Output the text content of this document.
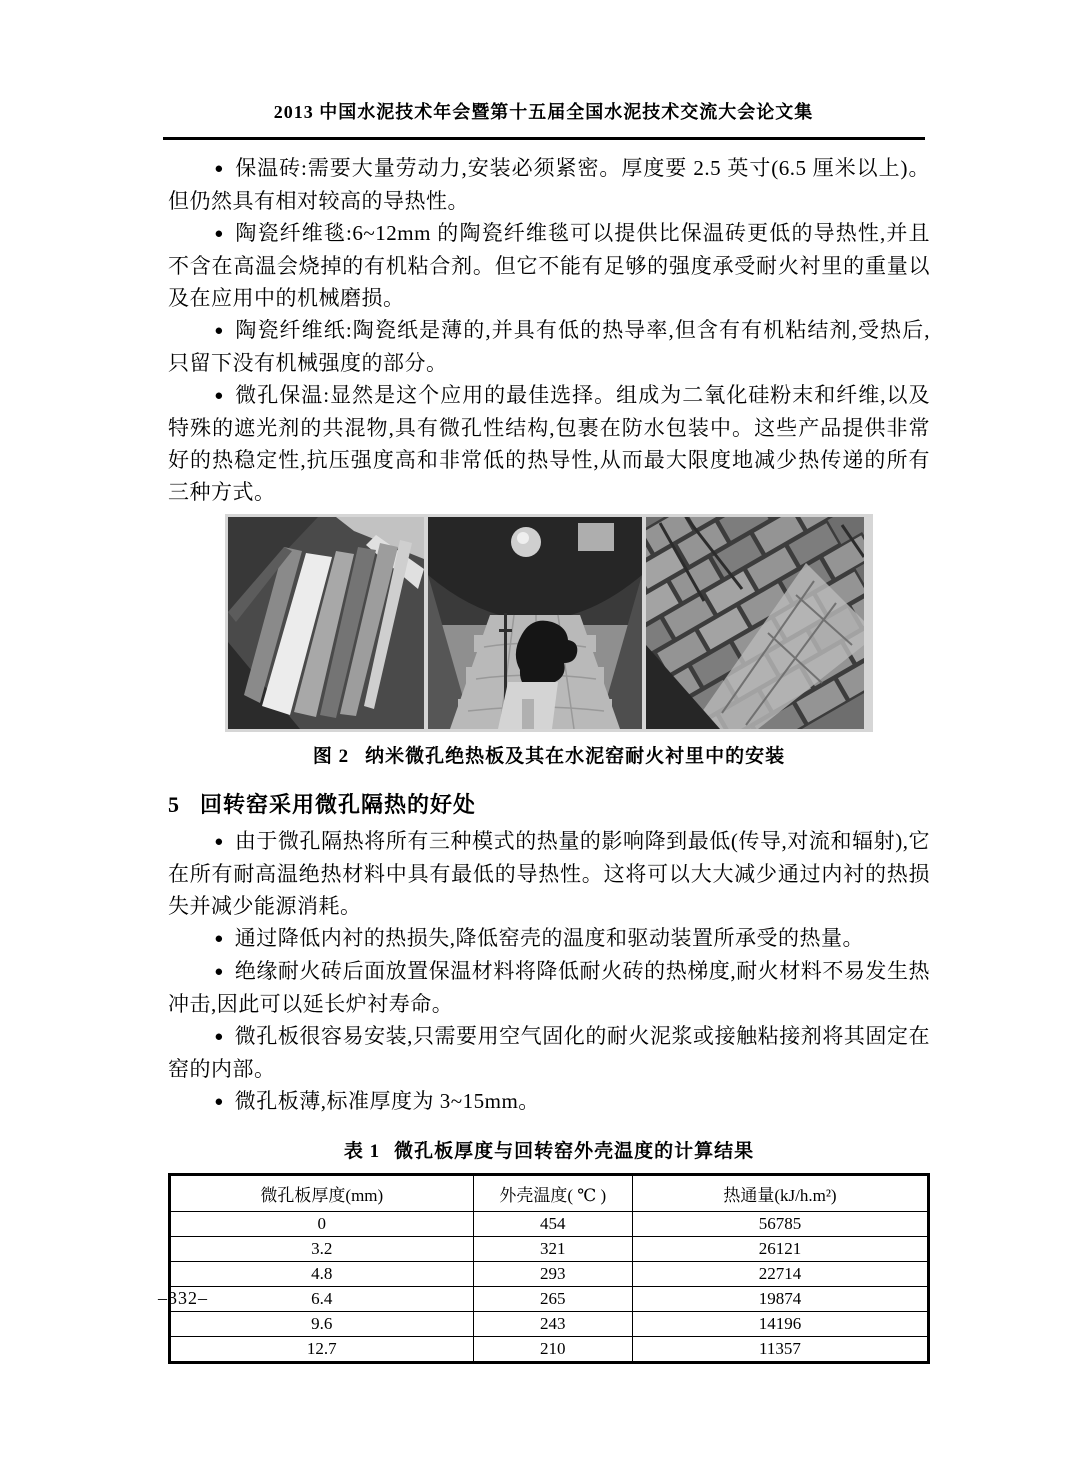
2013 中国水泥技术年会暨第十五届全国水泥技术交流大会论文集

● 保温砖:需要大量劳动力,安装必须紧密。厚度要 2.5 英寸(6.5 厘米以上)。但仍然具有相对较高的导热性。

● 陶瓷纤维毯:6~12mm 的陶瓷纤维毯可以提供比保温砖更低的导热性,并且不含在高温会烧掉的有机粘合剂。但它不能有足够的强度承受耐火衬里的重量以及在应用中的机械磨损。

● 陶瓷纤维纸:陶瓷纸是薄的,并具有低的热导率,但含有有机粘结剂,受热后,只留下没有机械强度的部分。

● 微孔保温:显然是这个应用的最佳选择。组成为二氧化硅粉末和纤维,以及特殊的遮光剂的共混物,具有微孔性结构,包裹在防水包装中。这些产品提供非常好的热稳定性,抗压强度高和非常低的热导性,从而最大限度地减少热传递的所有三种方式。

图 2 纳米微孔绝热板及其在水泥窑耐火衬里中的安装
5 回转窑采用微孔隔热的好处

● 由于微孔隔热将所有三种模式的热量的影响降到最低(传导,对流和辐射),它在所有耐高温绝热材料中具有最低的导热性。这将可以大大减少通过内衬的热损失并减少能源消耗。

● 通过降低内衬的热损失,降低窑壳的温度和驱动装置所承受的热量。

● 绝缘耐火砖后面放置保温材料将降低耐火砖的热梯度,耐火材料不易发生热冲击,因此可以延长炉衬寿命。

● 微孔板很容易安装,只需要用空气固化的耐火泥浆或接触粘接剂将其固定在窑的内部。

● 微孔板薄,标准厚度为 3~15mm。

表 1 微孔板厚度与回转窑外壳温度的计算结果
微孔板厚度(mm)	外壳温度( ℃ )	热通量(kJ/h.m²)
0	454	56785
3.2	321	26121
4.8	293	22714
6.4	265	19874
9.6	243	14196
12.7	210	11357
–332–
